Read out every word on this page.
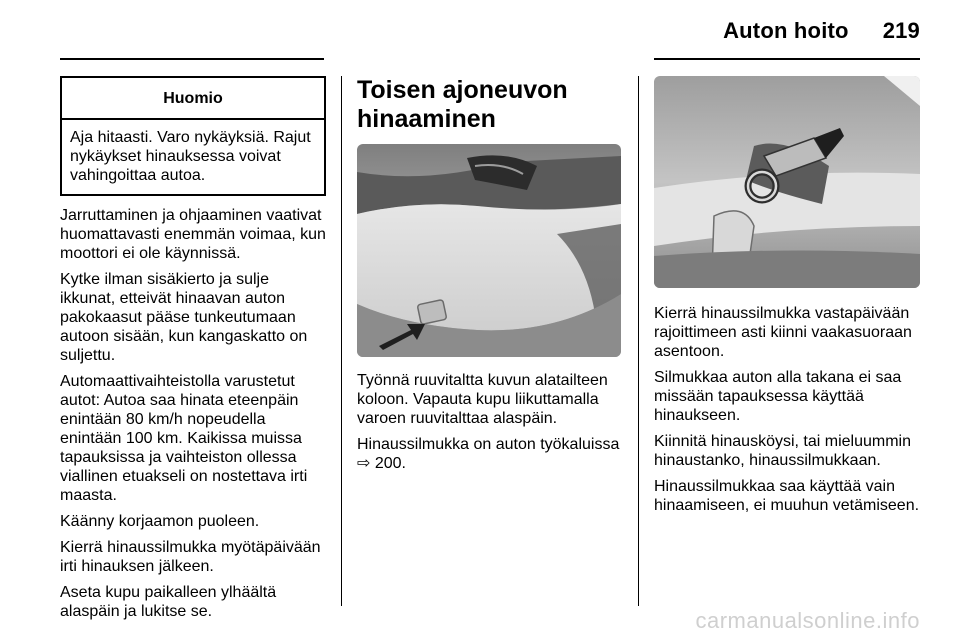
Auton hoito 219
Huomio
Aja hitaasti. Varo nykäyksiä. Rajut nykäykset hinauksessa voivat vahingoittaa autoa.

Jarruttaminen ja ohjaaminen vaativat huomattavasti enemmän voimaa, kun moottori ei ole käynnissä.

Kytke ilman sisäkierto ja sulje ikkunat, etteivät hinaavan auton pakokaasut pääse tunkeutumaan autoon sisään, kun kangaskatto on suljettu.

Automaattivaihteistolla varustetut autot: Autoa saa hinata eteenpäin enintään 80 km/h nopeudella enintään 100 km. Kaikissa muissa tapauksissa ja vaihteiston ollessa viallinen etuakseli on nostettava irti maasta.

Käänny korjaamon puoleen.

Kierrä hinaussilmukka myötäpäivään irti hinauksen jälkeen.

Aseta kupu paikalleen ylhäältä alaspäin ja lukitse se.

Toisen ajoneuvon hinaaminen

Työnnä ruuvitaltta kuvun alatailteen koloon. Vapauta kupu liikuttamalla varoen ruuvitalttaa alaspäin.

Hinaussilmukka on auton työkaluissa ⇨ 200.

Kierrä hinaussilmukka vastapäivään rajoittimeen asti kiinni vaakasuoraan asentoon.

Silmukkaa auton alla takana ei saa missään tapauksessa käyttää hinaukseen.

Kiinnitä hinausköysi, tai mieluummin hinaustanko, hinaussilmukkaan.

Hinaussilmukkaa saa käyttää vain hinaamiseen, ei muuhun vetämiseen.

carmanualsonline.info
